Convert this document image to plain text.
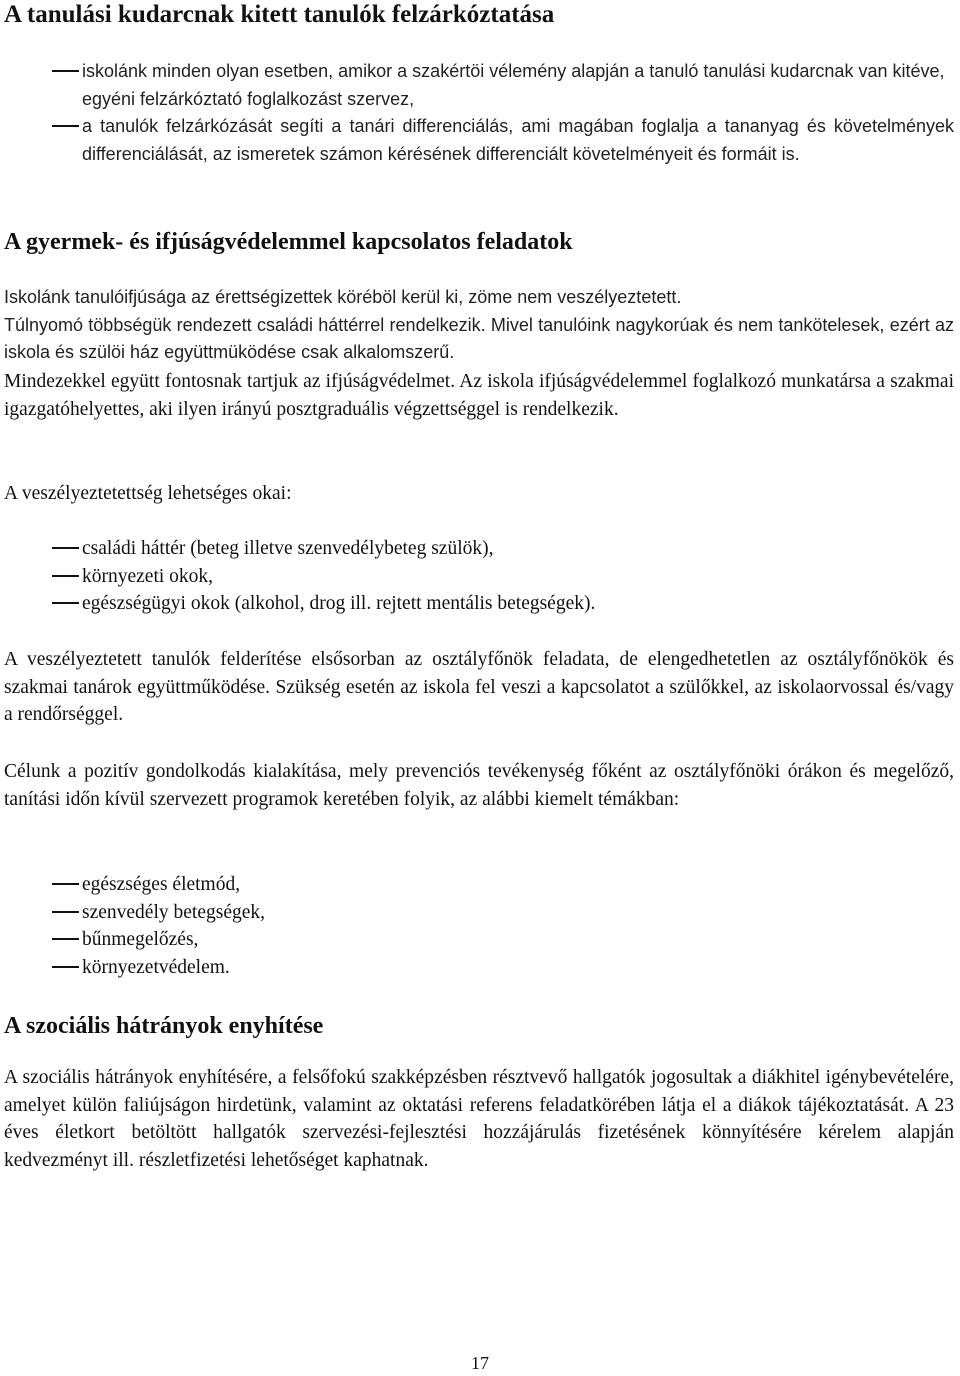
A tanulási kudarcnak kitett tanulók felzárkóztatása
iskolánk minden olyan esetben, amikor a szakértöi vélemény alapján a tanuló tanulási kudarcnak van kitéve, egyéni felzárkóztató foglalkozást szervez,
a tanulók felzárkózását segíti a tanári differenciálás, ami magában foglalja a tananyag és követelmények differenciálását, az ismeretek számon kérésének differenciált követelményeit és formáit is.
A gyermek- és ifjúságvédelemmel kapcsolatos feladatok
Iskolánk tanulóifjúsága az érettségizettek köréböl kerül ki, zöme nem veszélyeztetett.
Túlnyomó többségük rendezett családi háttérrel rendelkezik. Mivel tanulóink nagykorúak és nem tankötelesek, ezért az iskola és szülöi ház együttmüködése csak alkalomszerű.
Mindezekkel együtt fontosnak tartjuk az ifjúságvédelmet. Az iskola ifjúságvédelemmel foglalkozó munkatársa a szakmai igazgatóhelyettes, aki ilyen irányú posztgraduális végzettséggel is rendelkezik.
A veszélyeztetettség lehetséges okai:
családi háttér (beteg illetve szenvedélybeteg szülök),
környezeti okok,
egészségügyi okok (alkohol, drog ill. rejtett mentális betegségek).
A veszélyeztetett tanulók felderítése elsősorban az osztályfőnök feladata, de elengedhetetlen az osztályfőnökök és szakmai tanárok együttműködése. Szükség esetén az iskola fel veszi a kapcsolatot a szülőkkel, az iskolaorvossal és/vagy a rendőrséggel.
Célunk a pozitív gondolkodás kialakítása, mely prevenciós tevékenység főként az osztályfőnöki órákon és megelőző, tanítási időn kívül szervezett programok keretében folyik, az alábbi kiemelt témákban:
egészséges életmód,
szenvedély betegségek,
bűnmegelőzés,
környezetvédelem.
A szociális hátrányok enyhítése
A szociális hátrányok enyhítésére, a felsőfokú szakképzésben résztvevő hallgatók jogosultak a diákhitel igénybevételére, amelyet külön faliújságon hirdetünk, valamint az oktatási referens feladatkörében látja el a diákok tájékoztatását. A 23 éves életkort betöltött hallgatók szervezési-fejlesztési hozzájárulás fizetésének könnyítésére kérelem alapján kedvezményt ill. részletfizetési lehetőséget kaphatnak.
17
